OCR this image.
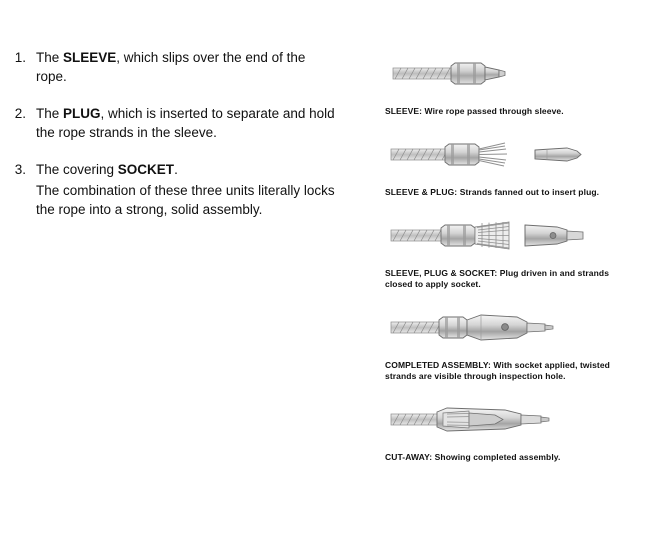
1. The SLEEVE, which slips over the end of the rope.
2. The PLUG, which is inserted to separate and hold the rope strands in the sleeve.
3. The covering SOCKET.
The combination of these three units literally locks the rope into a strong, solid assembly.
SLEEVE: Wire rope passed through sleeve.
SLEEVE & PLUG: Strands fanned out to insert plug.
SLEEVE, PLUG & SOCKET: Plug driven in and strands closed to apply socket.
COMPLETED ASSEMBLY: With socket applied, twisted strands are visible through inspection hole.
CUT-AWAY: Showing completed assembly.
